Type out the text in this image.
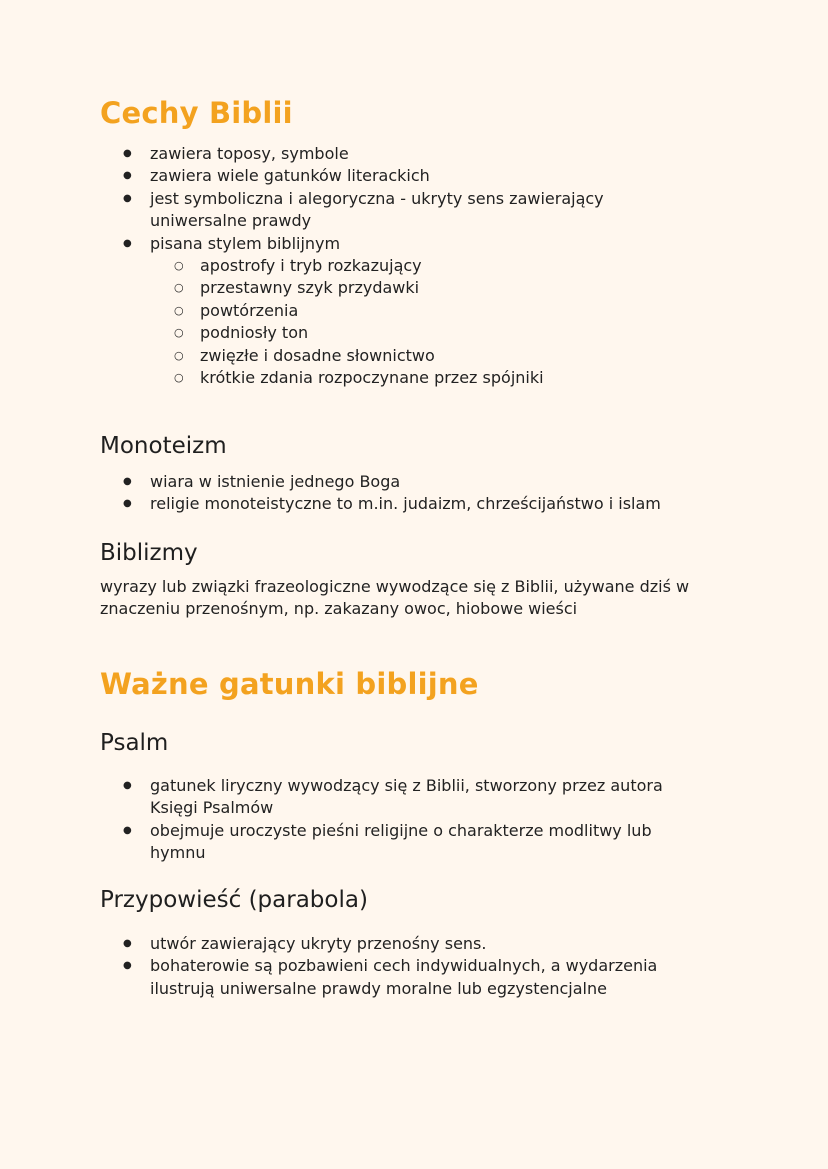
Cechy Biblii
● zawiera toposy, symbole
● zawiera wiele gatunków literackich
● jest symboliczna i alegoryczna - ukryty sens zawierający uniwersalne prawdy
● pisana stylem biblijnym
○ apostrofy i tryb rozkazujący
○ przestawny szyk przydawki
○ powtórzenia
○ podniosły ton
○ zwięzłe i dosadne słownictwo
○ krótkie zdania rozpoczynane przez spójniki
Monoteizm
● wiara w istnienie jednego Boga
● religie monoteistyczne to m.in. judaizm, chrześcijaństwo i islam
Biblizmy

wyrazy lub związki frazeologiczne wywodzące się z Biblii, używane dziś w znaczeniu przenośnym, np. zakazany owoc, hiobowe wieści

Ważne gatunki biblijne
Psalm
● gatunek liryczny wywodzący się z Biblii, stworzony przez autora Księgi Psalmów
● obejmuje uroczyste pieśni religijne o charakterze modlitwy lub hymnu
Przypowieść (parabola)
● utwór zawierający ukryty przenośny sens.
● bohaterowie są pozbawieni cech indywidualnych, a wydarzenia ilustrują uniwersalne prawdy moralne lub egzystencjalne
